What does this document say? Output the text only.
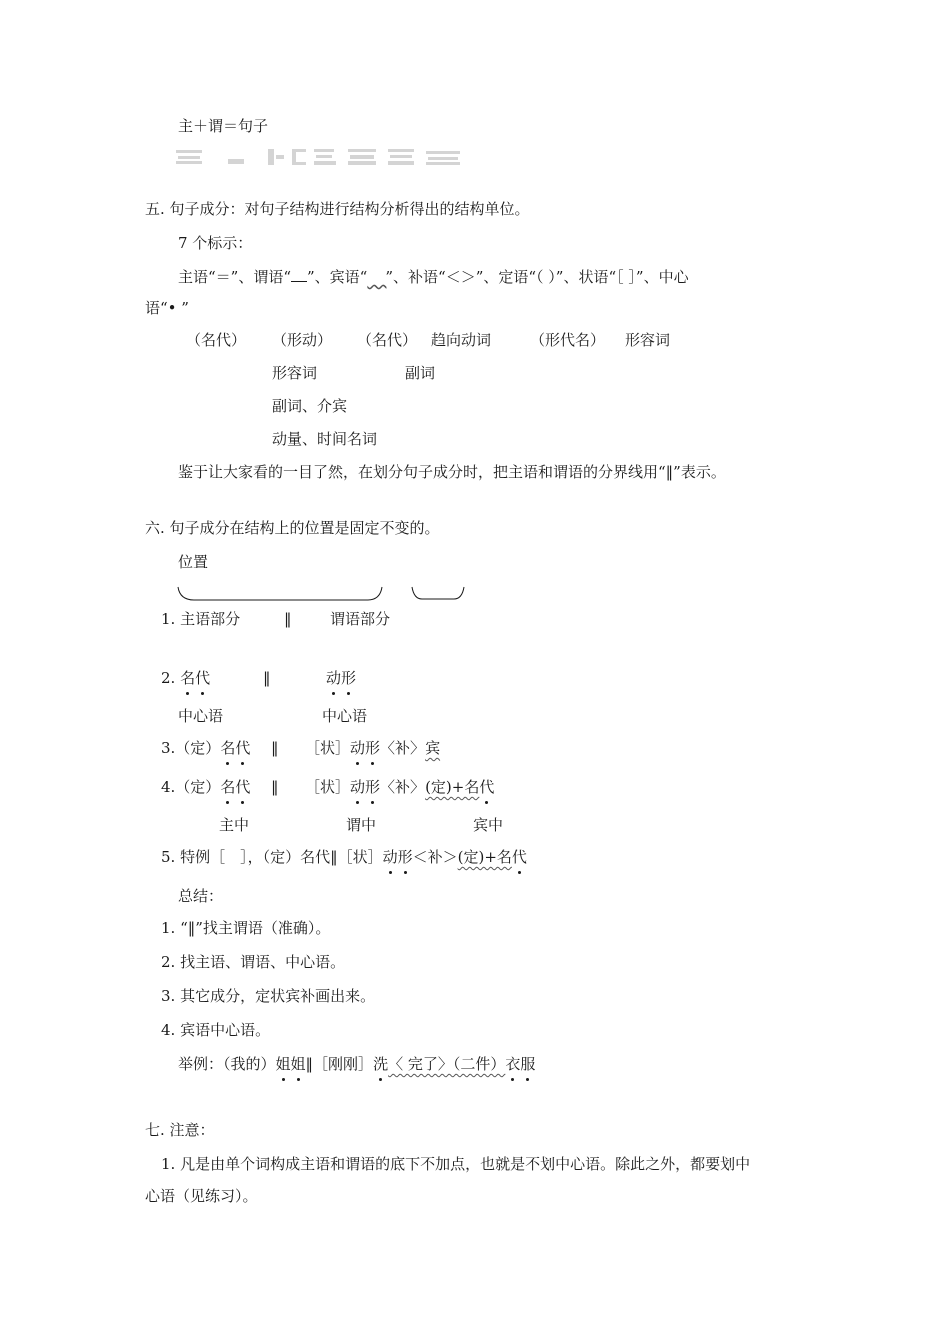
主＋谓＝句子
五. 句子成分：对句子结构进行结构分析得出的结构单位。
7 个标示：
主语“＝”、谓语“ ”、宾语“ ”、补语“＜＞”、定语“（ ）”、状语“［ ］”、中心
语“• ”
（名代） （形动） （名代） 趋向动词	（形代名） 形容词
形容词	副词
副词、介宾
动量、时间名词
鉴于让大家看的一目了然，在划分句子成分时，把主语和谓语的分界线用“‖”表示。
六. 句子成分在结构上的位置是固定不变的。
位置
1. 主语部分	‖	谓语部分
2. 名代	‖	动形
中心语	中心语
3.（定）名代 ‖ ［状］动形〈补〉宾
4.（定）名代 ‖ ［状］动形〈补〉(定)+名代
主中	谓中	宾中
5. 特例［　］，（定）名代‖［状］动形＜补＞(定)+名代
总结：
1. “‖”找主谓语（准确）。
2. 找主语、谓语、中心语。
3. 其它成分，定状宾补画出来。
4. 宾语中心语。
举例：（我的）姐姐‖［刚刚］洗〈 完了〉（二件）衣服
七. 注意：
1. 凡是由单个词构成主语和谓语的底下不加点，也就是不划中心语。除此之外，都要划中
心语（见练习）。
